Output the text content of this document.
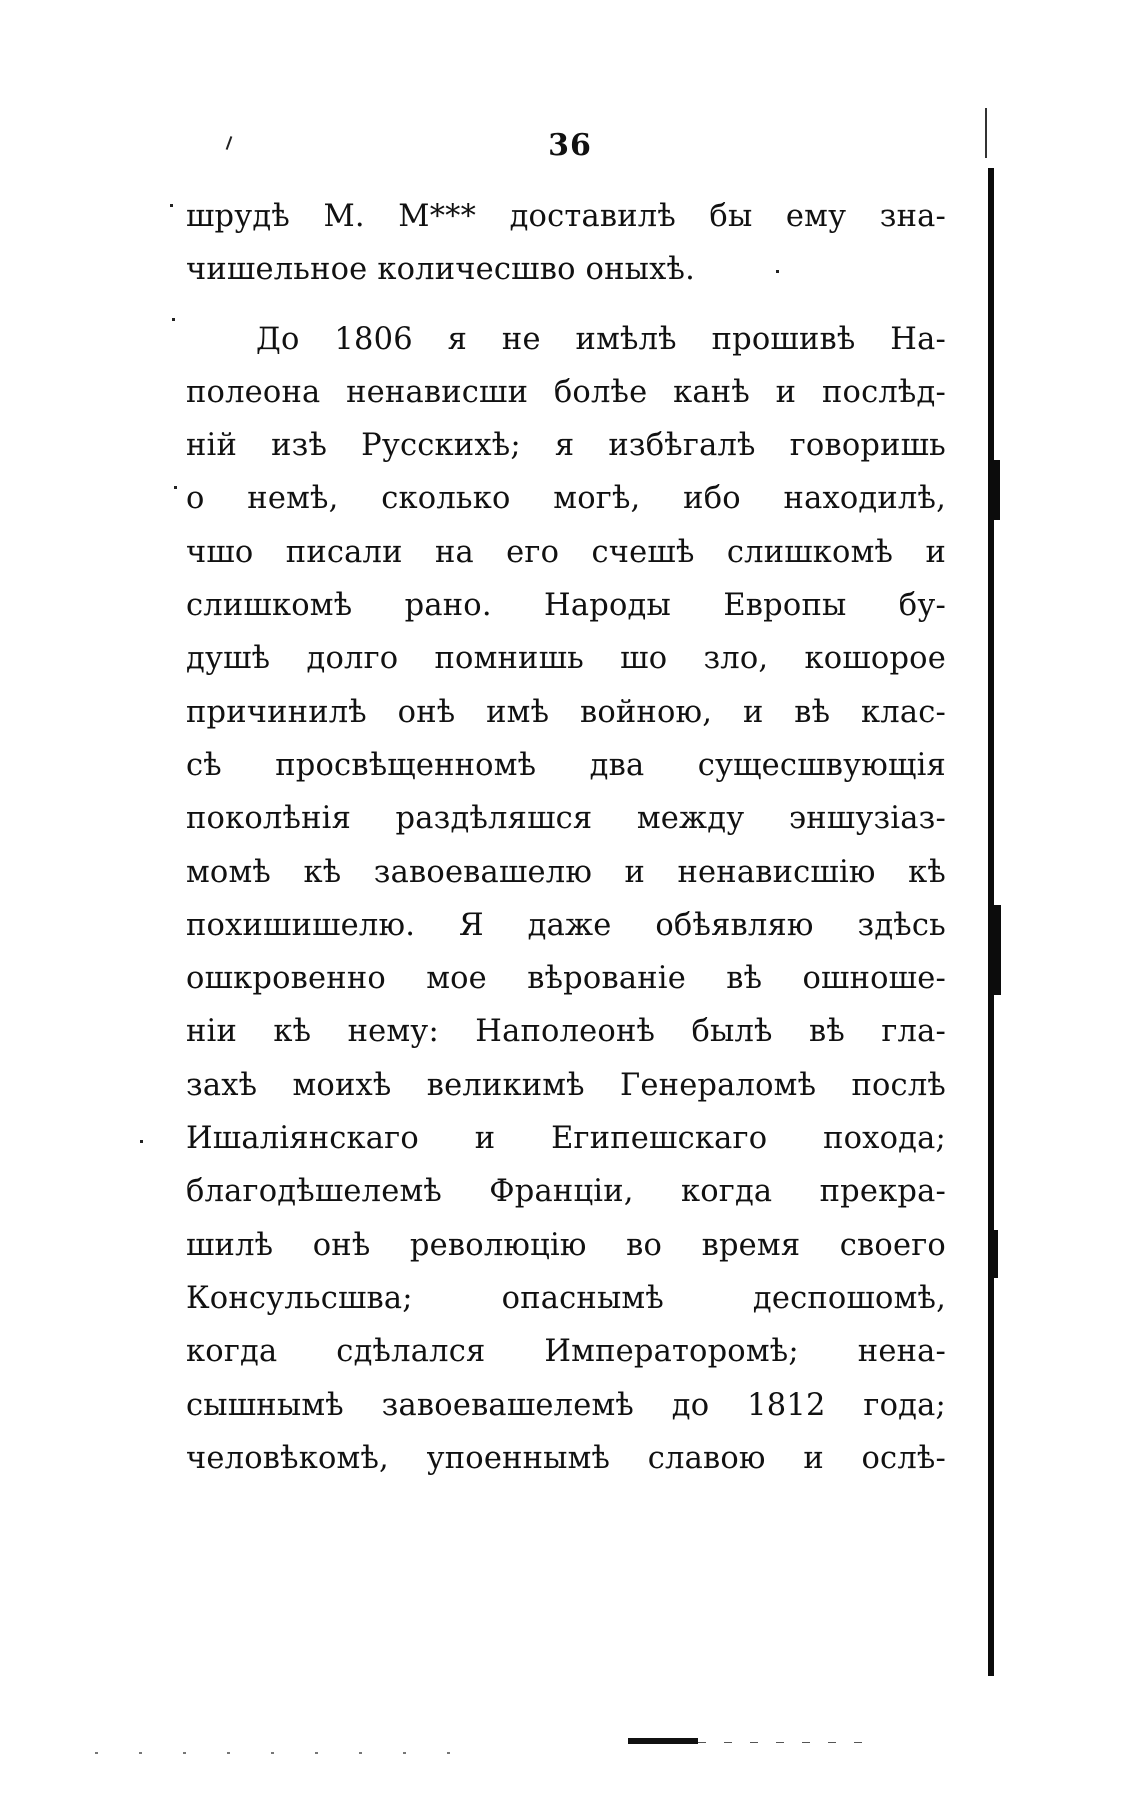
36
шрудѣ М. М*** доставилѣ бы ему зна-
чишельное количесшво оныхѣ.
До 1806 я не имѣлѣ прошивѣ На-
полеона ненависши болѣе канѣ и послѣд-
нiй изѣ Русскихѣ; я избѣгалѣ говоришь
о немѣ, сколько могѣ, ибо находилѣ,
чшо писали на его счешѣ слишкомѣ и
слишкомѣ рано. Народы Европы бу-
душѣ долго помнишь шо зло, кошорое
причинилѣ онѣ имѣ войною, и вѣ клас-
сѣ просвѣщенномѣ два сущесшвующiя
поколѣнiя раздѣляшся между эншузiаз-
момѣ кѣ завоевашелю и ненависшiю кѣ
похишишелю. Я даже обѣявляю здѣсь
ошкровенно мое вѣрованiе вѣ ошноше-
нiи кѣ нему: Наполеонѣ былѣ вѣ гла-
захѣ моихѣ великимѣ Генераломѣ послѣ
Ишалiянскаго и Египешскаго похода;
благодѣшелемѣ Францiи, когда прекра-
шилѣ онѣ революцiю во время своего
Консульсшва; опаснымѣ деспошомѣ,
когда сдѣлался Императоромѣ; нена-
сышнымѣ завоевашелемѣ до 1812 года;
человѣкомѣ, упоеннымѣ славою и ослѣ-
